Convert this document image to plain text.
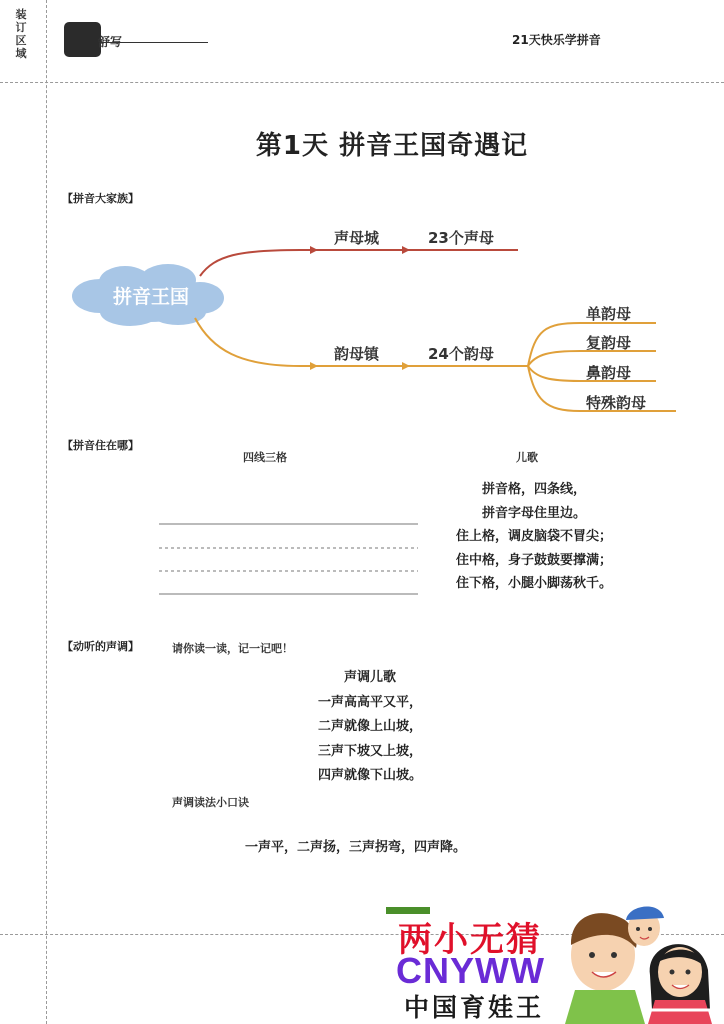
装订区域
舒写	21天快乐学拼音
第1天 拼音王国奇遇记
【拼音大家族】
拼音王国
声母城	23个声母
韵母镇	24个韵母
单韵母
复韵母
鼻韵母
特殊韵母
【拼音住在哪】
四线三格	儿歌
拼音格，四条线，
拼音字母住里边。
住上格，调皮脑袋不冒尖；
住中格，身子鼓鼓要撑满；
住下格，小腿小脚荡秋千。
【动听的声调】	请你读一读，记一记吧！
声调儿歌
一声高高平又平，
二声就像上山坡，
三声下坡又上坡，
四声就像下山坡。
声调读法小口诀
一声平，二声扬，三声拐弯，四声降。
两小无猜
CNYWW
中国育娃王
